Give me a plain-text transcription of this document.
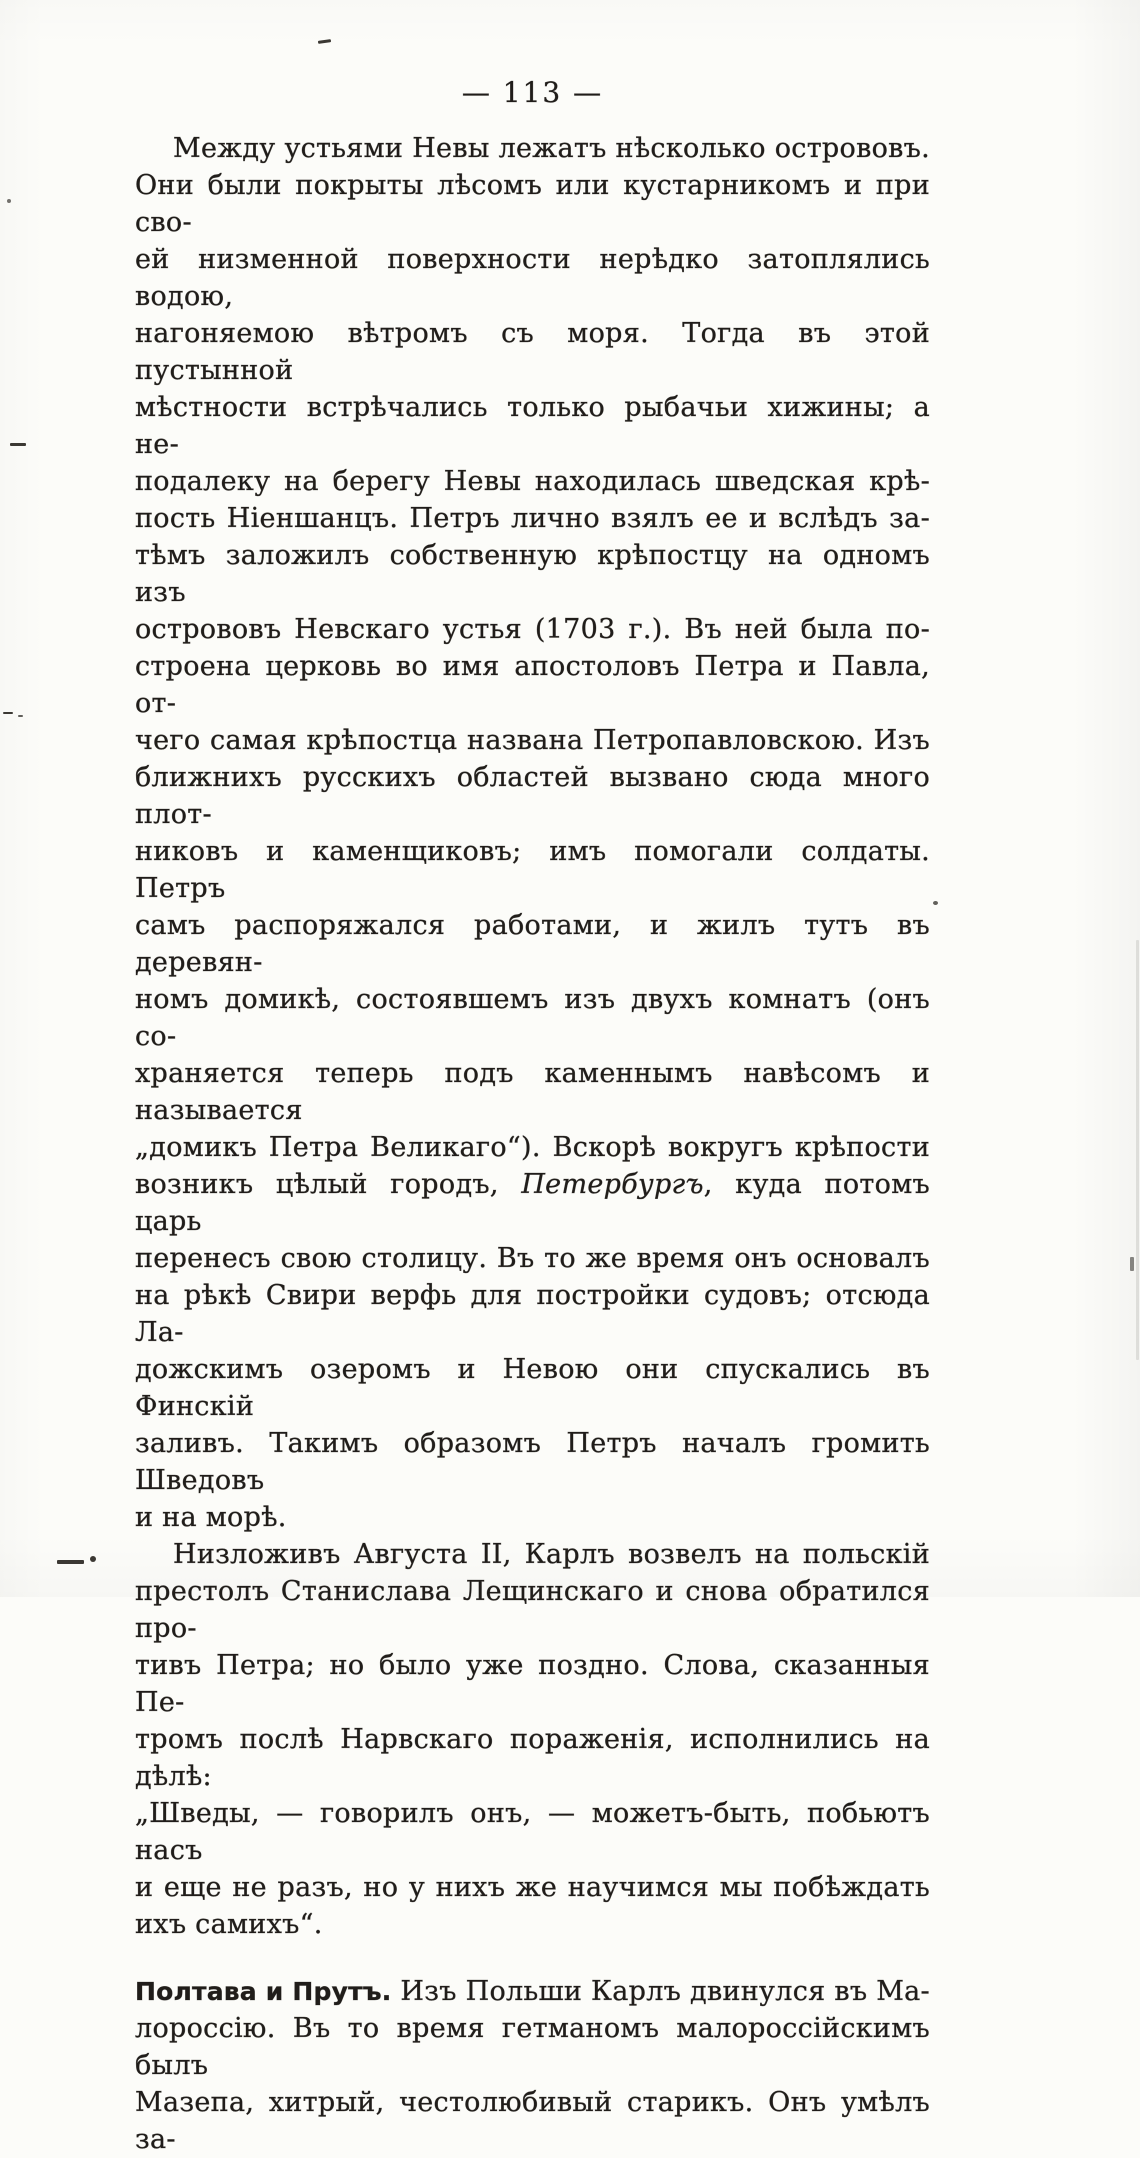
— 113 —

Между устьями Невы лежатъ нѣсколько острововъ.
Они были покрыты лѣсомъ или кустарникомъ и при сво-
ей низменной поверхности нерѣдко затоплялись водою,
нагоняемою вѣтромъ съ моря. Тогда въ этой пустынной
мѣстности встрѣчались только рыбачьи хижины; а не-
подалеку на берегу Невы находилась шведская крѣ-
пость Ніеншанцъ. Петръ лично взялъ ее и вслѣдъ за-
тѣмъ заложилъ собственную крѣпостцу на одномъ изъ
острововъ Невскаго устья (1703 г.). Въ ней была по-
строена церковь во имя апостоловъ Петра и Павла, от-
чего самая крѣпостца названа Петропавловскою. Изъ
ближнихъ русскихъ областей вызвано сюда много плот-
никовъ и каменщиковъ; имъ помогали солдаты. Петръ
самъ распоряжался работами, и жилъ тутъ въ деревян-
номъ домикѣ, состоявшемъ изъ двухъ комнатъ (онъ со-
храняется теперь подъ каменнымъ навѣсомъ и называется
„домикъ Петра Великаго“). Вскорѣ вокругъ крѣпости
возникъ цѣлый городъ, Петербургъ, куда потомъ царь
перенесъ свою столицу. Въ то же время онъ основалъ
на рѣкѣ Свири верфь для постройки судовъ; отсюда Ла-
дожскимъ озеромъ и Невою они спускались въ Финскій
заливъ. Такимъ образомъ Петръ началъ громить Шведовъ
и на морѣ.

Низложивъ Августа II, Карлъ возвелъ на польскій
престолъ Станислава Лещинскаго и снова обратился про-
тивъ Петра; но было уже поздно. Слова, сказанныя Пе-
тромъ послѣ Нарвскаго пораженія, исполнились на дѣлѣ:
„Шведы, — говорилъ онъ, — можетъ-быть, побьютъ насъ
и еще не разъ, но у нихъ же научимся мы побѣждать
ихъ самихъ“.

Полтава и Прутъ. Изъ Польши Карлъ двинулся въ Ма-
лороссію. Въ то время гетманомъ малороссійскимъ былъ
Мазепа, хитрый, честолюбивый старикъ. Онъ умѣлъ за-
